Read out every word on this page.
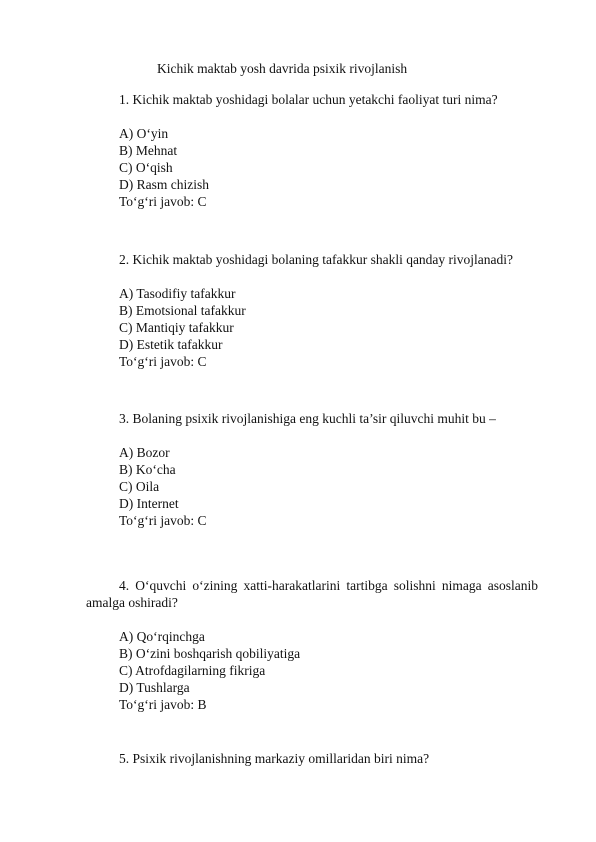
Kichik maktab yosh davrida psixik rivojlanish

1. Kichik maktab yoshidagi bolalar uchun yetakchi faoliyat turi nima?

A) O‘yin
B) Mehnat
C) O‘qish
D) Rasm chizish
To‘g‘ri javob: C

2. Kichik maktab yoshidagi bolaning tafakkur shakli qanday rivojlanadi?

A) Tasodifiy tafakkur
B) Emotsional tafakkur
C) Mantiqiy tafakkur
D) Estetik tafakkur
To‘g‘ri javob: C

3. Bolaning psixik rivojlanishiga eng kuchli ta’sir qiluvchi muhit bu –

A) Bozor
B) Ko‘cha
C) Oila
D) Internet
To‘g‘ri javob: C

4. O‘quvchi o‘zining xatti-harakatlarini tartibga solishni nimaga asoslanib amalga oshiradi?

A) Qo‘rqinchga
B) O‘zini boshqarish qobiliyatiga
C) Atrofdagilarning fikriga
D) Tushlarga
To‘g‘ri javob: B

5. Psixik rivojlanishning markaziy omillaridan biri nima?
